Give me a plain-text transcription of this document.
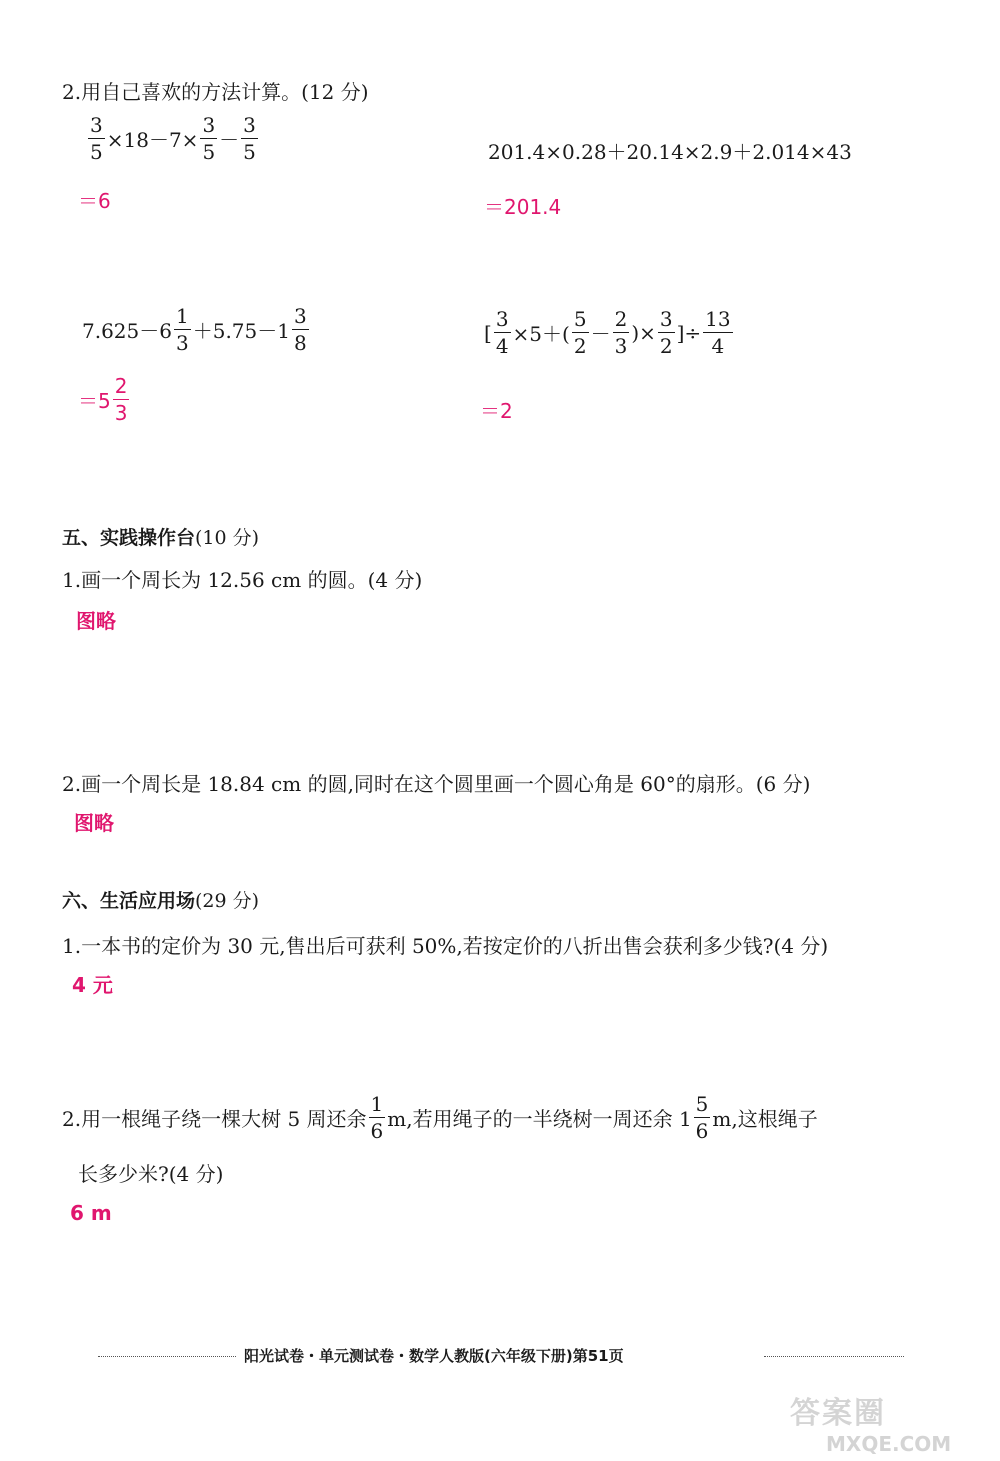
2.用自己喜欢的方法计算。(12 分)
$\frac{3}{5} \times 18-7\times \frac{3}{5} - \frac{3}{5}$
＝6
201.4×0.28＋20.14×2.9＋2.014×43
＝201.4
$7.625-6 \frac{1}{3} +5.75-1 \frac{3}{8}$
$=5 \frac{2}{3}$
[ $\frac{3}{4} \times 5+( \frac{5}{2} - \frac{2}{3}$ )× $\frac{3}{2}$ ]÷ $\frac{13}{4}$
＝2
五、实践操作台(10 分)
1.画一个周长为 12.56 cm 的圆。(4 分)
图略
2.画一个周长是 18.84 cm 的圆,同时在这个圆里画一个圆心角是 60°的扇形。(6 分)
图略
六、生活应用场(29 分)
1.一本书的定价为 30 元,售出后可获利 50%,若按定价的八折出售会获利多少钱?(4 分)
4 元
2.用一根绳子绕一棵大树 5 周还余 $\frac{1}{6} m$,若用绳子的一半绕树一周还余 $1 \frac{5}{6} m$,这根绳子
长多少米?(4 分)
6 m
阳光试卷・单元测试卷・数学人教版(六年级下册)第51页
答案圈
MXQE.COM
